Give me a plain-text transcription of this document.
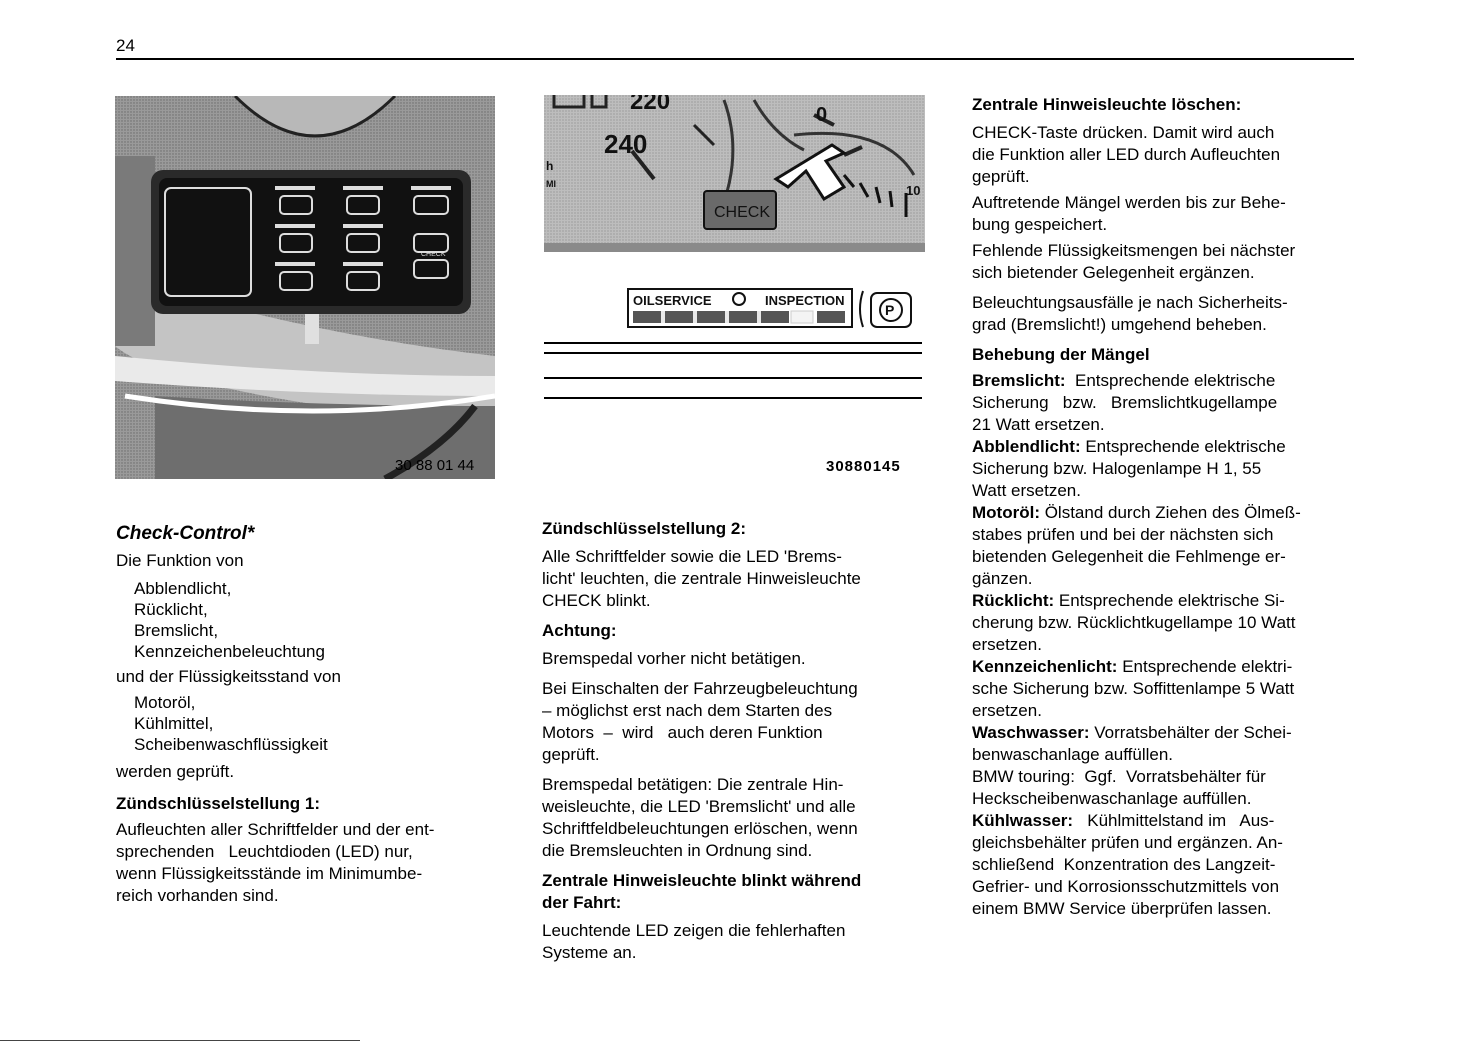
24
CHECK
30 88 01 44
220
240
h
MI
0
10
CHECK
OILSERVICE	INSPECTION
P
30880145
Check-Control*

Die Funktion von

Abblendlicht,

Rücklicht,

Bremslicht,

Kennzeichenbeleuchtung

und der Flüssigkeitsstand von

Motoröl,

Kühlmittel,

Scheibenwaschflüssigkeit

werden geprüft.

Zündschlüsselstellung 1:

Aufleuchten aller Schriftfelder und der ent-

sprechenden   Leuchtdioden (LED) nur,

wenn Flüssigkeitsstände im Minimumbe-

reich vorhanden sind.

Zündschlüsselstellung 2:

Alle Schriftfelder sowie die LED 'Brems-

licht' leuchten, die zentrale Hinweisleuchte

CHECK blinkt.

Achtung:

Bremspedal vorher nicht betätigen.

Bei Einschalten der Fahrzeugbeleuchtung

– möglichst erst nach dem Starten des

Motors  –  wird   auch deren Funktion

geprüft.

Bremspedal betätigen: Die zentrale Hin-

weisleuchte, die LED 'Bremslicht' und alle

Schriftfeldbeleuchtungen erlöschen, wenn

die Bremsleuchten in Ordnung sind.

Zentrale Hinweisleuchte blinkt während
der Fahrt:

Leuchtende LED zeigen die fehlerhaften

Systeme an.

Zentrale Hinweisleuchte löschen:

CHECK-Taste drücken. Damit wird auch

die Funktion aller LED durch Aufleuchten

geprüft.

Auftretende Mängel werden bis zur Behe-

bung gespeichert.

Fehlende Flüssigkeitsmengen bei nächster

sich bietender Gelegenheit ergänzen.

Beleuchtungsausfälle je nach Sicherheits-

grad (Bremslicht!) umgehend beheben.

Behebung der Mängel

Bremslicht:  Entsprechende elektrische

Sicherung   bzw.   Bremslichtkugellampe

21 Watt ersetzen.

Abblendlicht: Entsprechende elektrische

Sicherung bzw. Halogenlampe H 1, 55

Watt ersetzen.

Motoröl: Ölstand durch Ziehen des Ölmeß-

stabes prüfen und bei der nächsten sich

bietenden Gelegenheit die Fehlmenge er-

gänzen.

Rücklicht: Entsprechende elektrische Si-

cherung bzw. Rücklichtkugellampe 10 Watt

ersetzen.

Kennzeichenlicht: Entsprechende elektri-

sche Sicherung bzw. Soffittenlampe 5 Watt

ersetzen.

Waschwasser: Vorratsbehälter der Schei-

benwaschanlage auffüllen.

BMW touring:  Ggf.  Vorratsbehälter für

Heckscheibenwaschanlage auffüllen.

Kühlwasser:   Kühlmittelstand im   Aus-

gleichsbehälter prüfen und ergänzen. An-

schließend  Konzentration des Langzeit-

Gefrier- und Korrosionsschutzmittels von

einem BMW Service überprüfen lassen.
